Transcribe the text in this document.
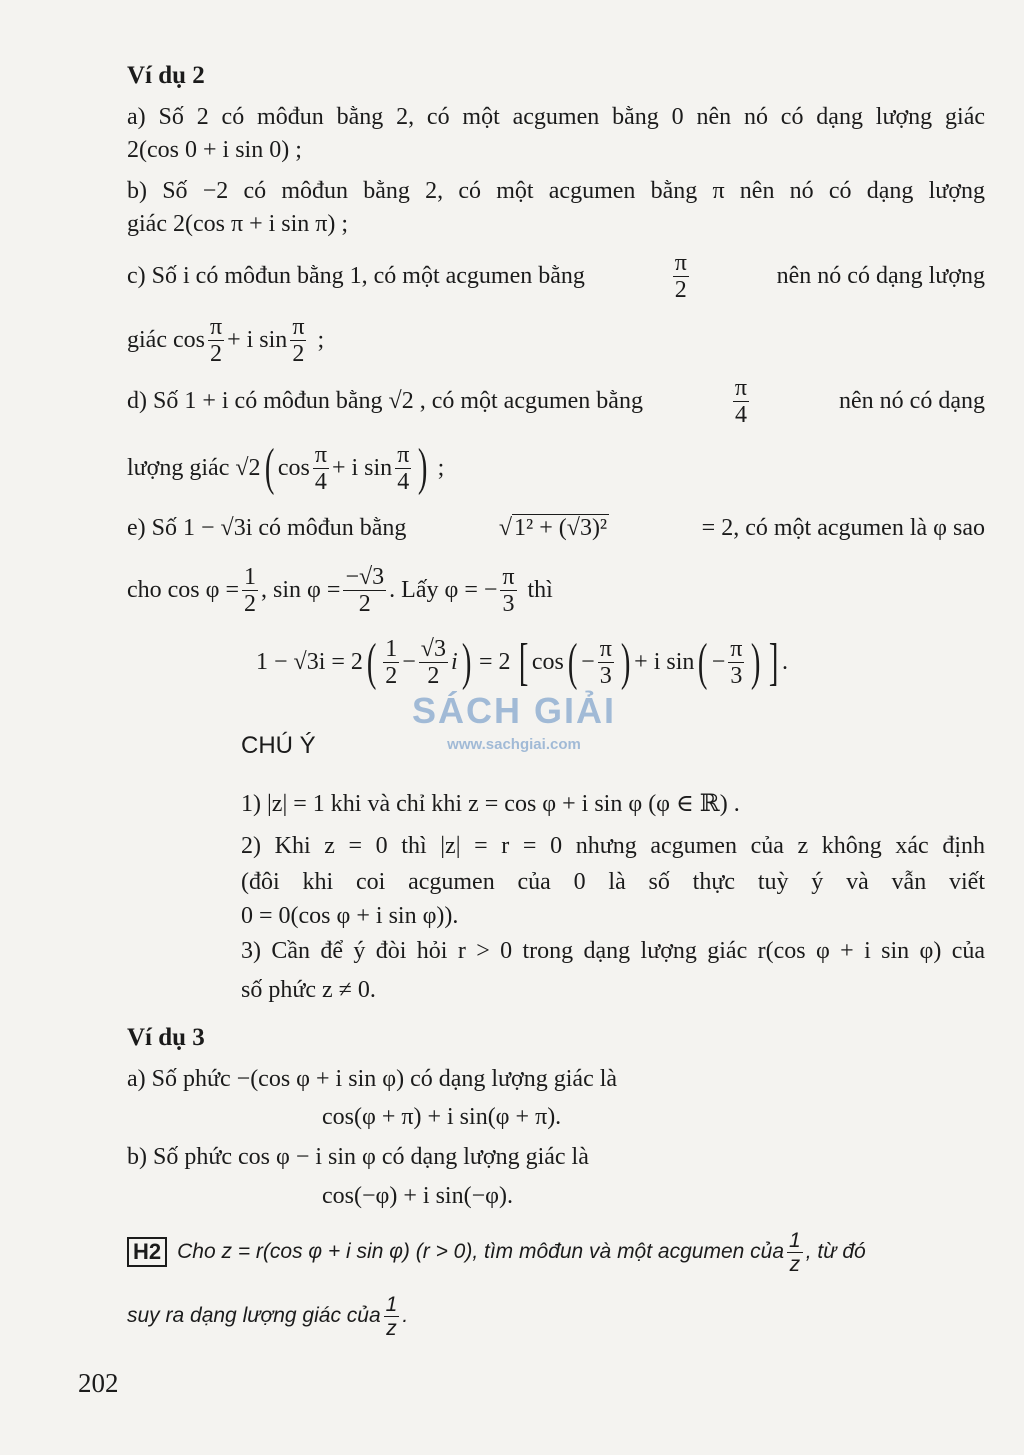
Ví dụ 2
a) Số 2 có môđun bằng 2, có một acgumen bằng 0 nên nó có dạng lượng giác
2(cos 0 + i sin 0) ;
b) Số −2 có môđun bằng 2, có một acgumen bằng π nên nó có dạng lượng
giác 2(cos π + i sin π) ;
c) Số i có môđun bằng 1, có một acgumen bằng	$\frac{\pi}{2}$	nên nó có dạng lượng
giác $\cos \frac{\pi}{2} + i$ $\sin \frac{\pi}{2}$ ;
d) Số 1 + i có môđun bằng √2 , có một acgumen bằng	$\frac{\pi}{4}$	nên nó có dạng
lượng giác √2 ( $\cos \frac{\pi}{4} + i$ $\sin \frac{\pi}{4}$ ) ;
e) Số 1 − √3i có môđun bằng	√1² + (√3)²	= 2, có một acgumen là φ sao
cho $\cos \varphi = \frac{1}{2}$ , $\sin \varphi = \frac{-√3}{2}$ . Lấy φ = − $\frac{\pi}{3}$ thì
1 − √3i = 2 ( $\frac{1}{2} - \frac{√3}{2}$ i ) = 2 [ cos ( − $\frac{\pi}{3}$ ) + i sin ( − $\frac{\pi}{3}$ ) ] .
SÁCH GIẢI
www.sachgiai.com
CHÚ Ý
1) |z| = 1 khi và chỉ khi z = cos φ + i sin φ (φ ∈ ℝ) .
2) Khi z = 0 thì |z| = r = 0 nhưng acgumen của z không xác định
(đôi khi coi acgumen của 0 là số thực tuỳ ý và vẫn viết
0 = 0(cos φ + i sin φ)).
3) Cần để ý đòi hỏi r > 0 trong dạng lượng giác r(cos φ + i sin φ) của
số phức z ≠ 0.
Ví dụ 3
a) Số phức −(cos φ + i sin φ) có dạng lượng giác là
cos(φ + π) + i sin(φ + π).
b) Số phức cos φ − i sin φ có dạng lượng giác là
cos(−φ) + i sin(−φ).
H2 Cho z = r(cos φ + i sin φ) (r > 0), tìm môđun và một acgumen của $\frac{1}{z}$ , từ đó
suy ra dạng lượng giác của $\frac{1}{z}$ .
202
